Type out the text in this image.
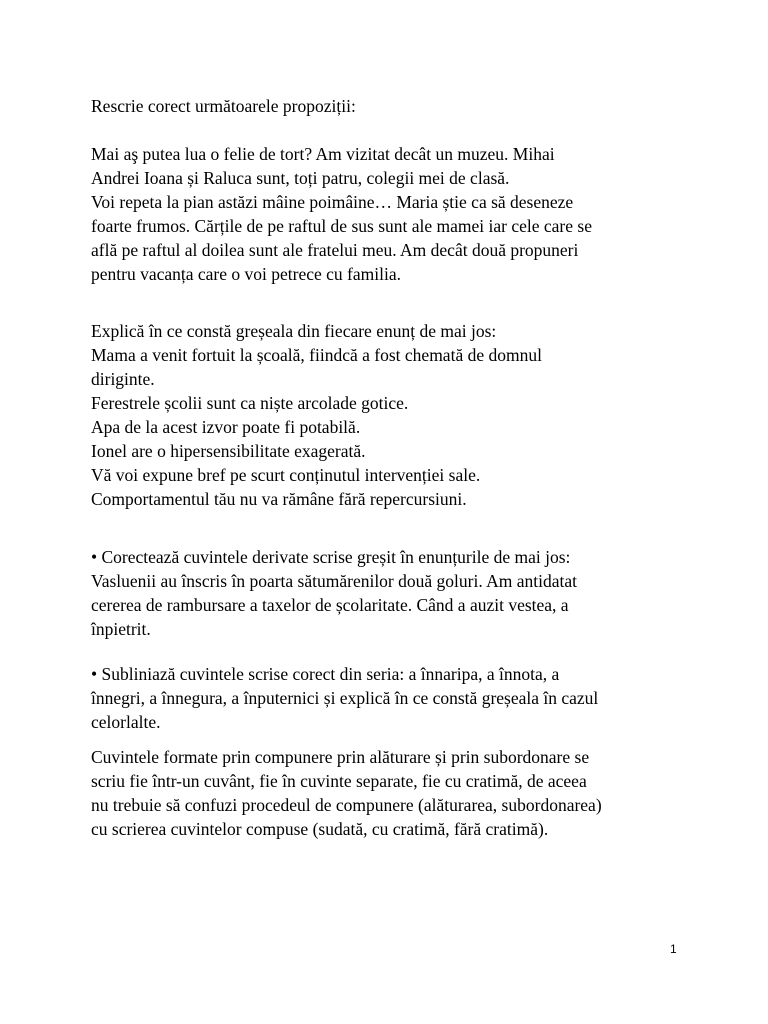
Rescrie corect următoarele propoziții:
Mai aş putea lua o felie de tort? Am vizitat decât un muzeu. Mihai
Andrei Ioana și Raluca sunt, toți patru, colegii mei de clasă.
Voi repeta la pian astăzi mâine poimâine… Maria știe ca să deseneze
foarte frumos. Cărțile de pe raftul de sus sunt ale mamei iar cele care se
află pe raftul al doilea sunt ale fratelui meu. Am decât două propuneri
pentru vacanța care o voi petrece cu familia.
Explică în ce constă greșeala din fiecare enunț de mai jos:
Mama a venit fortuit la școală, fiindcă a fost chemată de domnul
diriginte.
Ferestrele școlii sunt ca niște arcolade gotice.
Apa de la acest izvor poate fi potabilă.
Ionel are o hipersensibilitate exagerată.
Vă voi expune bref pe scurt conținutul intervenției sale.
Comportamentul tău nu va rămâne fără repercursiuni.
• Corectează cuvintele derivate scrise greșit în enunțurile de mai jos:
Vasluenii au înscris în poarta sătumărenilor două goluri. Am antidatat
cererea de rambursare a taxelor de școlaritate. Când a auzit vestea, a
înpietrit.
• Subliniază cuvintele scrise corect din seria: a înnaripa, a înnota, a
înnegri, a înnegura, a înputernici și explică în ce constă greșeala în cazul
celorlalte.
Cuvintele formate prin compunere prin alăturare și prin subordonare se
scriu fie într-un cuvânt, fie în cuvinte separate, fie cu cratimă, de aceea
nu trebuie să confuzi procedeul de compunere (alăturarea, subordonarea)
cu scrierea cuvintelor compuse (sudată, cu cratimă, fără cratimă).
1
